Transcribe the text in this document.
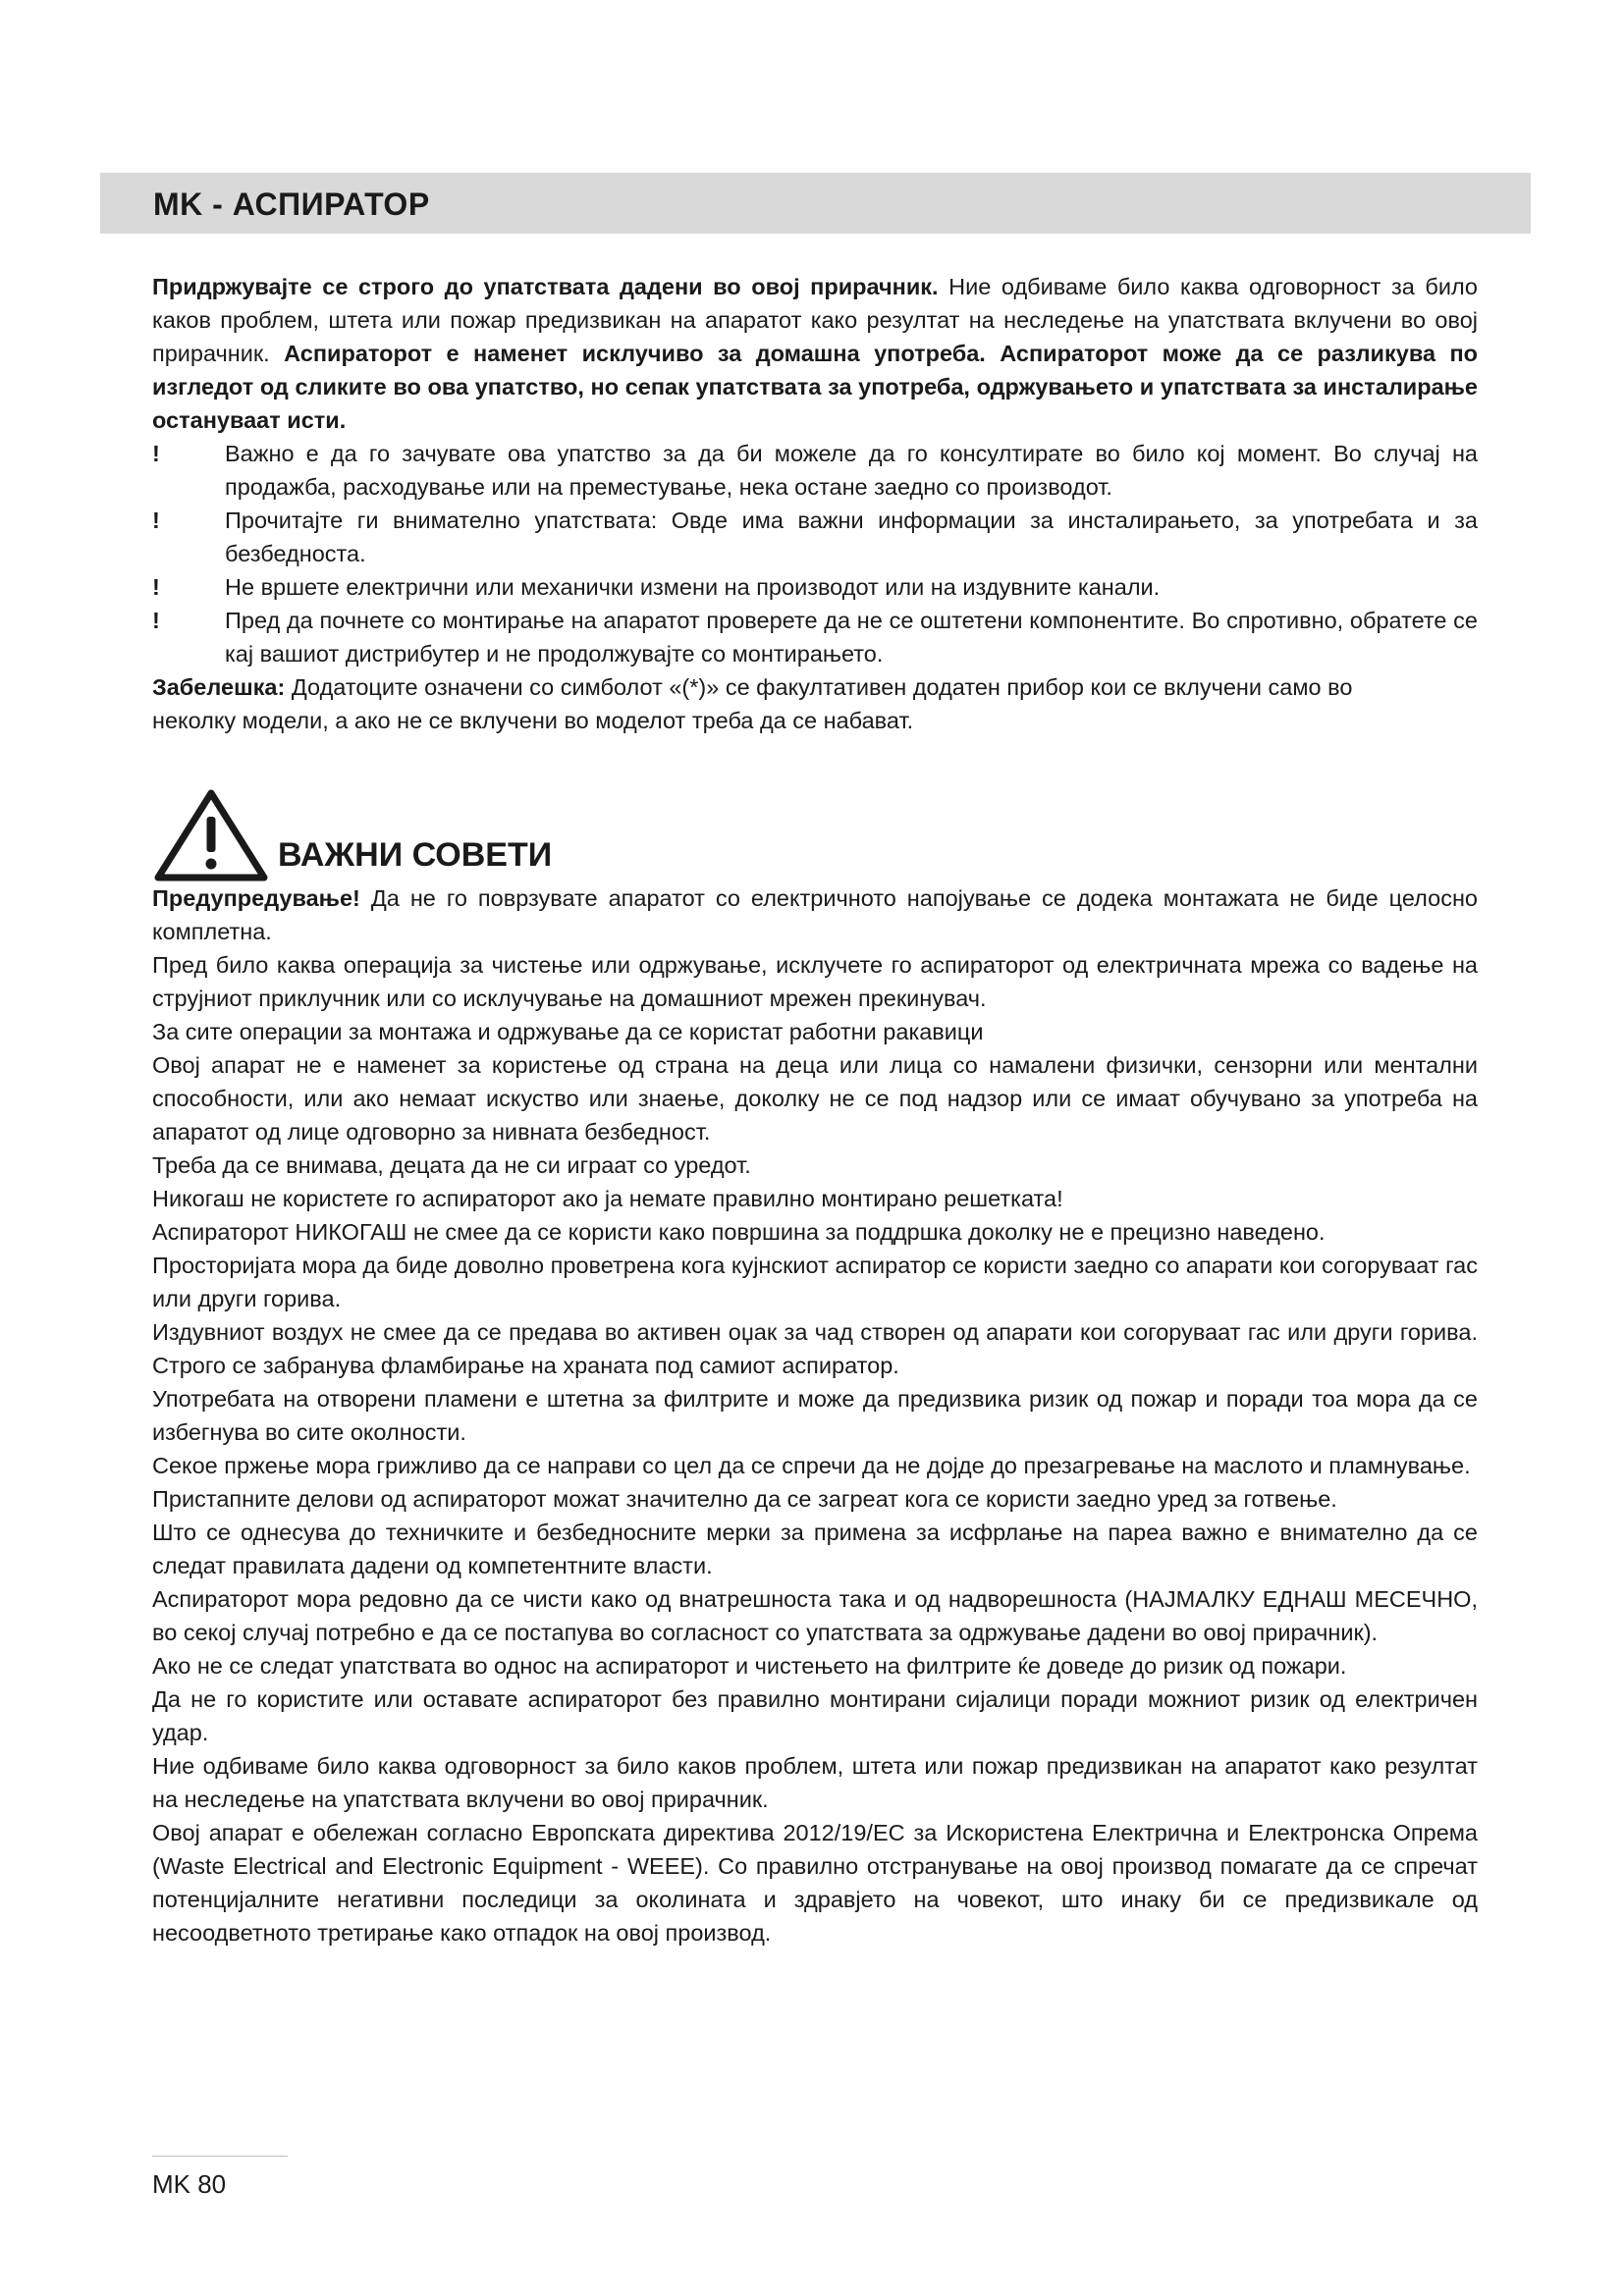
MK - АСПИРАТОР

Придржувајте се строго до упатствата дадени во овој прирачник. Ние одбиваме било каква одговорност за било каков проблем, штета или пожар предизвикан на апаратот како резултат на неследење на упатствата вклучени во овој прирачник. Аспираторот е наменет исклучиво за домашна употреба. Аспираторот може да се разликува по изгледот од сликите во ова упатство, но сепак упатствата за употреба, одржувањето и упатствата за инсталирање остануваат исти.

!	Важно е да го зачувате ова упатство за да би можеле да го консултирате во било кој момент. Во случај на продажба, расходување или на преместување, нека остане заедно со производот.
!	Прочитајте ги внимателно упатствата: Овде има важни информации за инсталирањето, за употребата и за безбедноста.
!	Не вршете електрични или механички измени на производот или на издувните канали.
!	Пред да почнете со монтирање на апаратот проверете да не се оштетени компонентите. Во спротивно, обратете се кај вашиот дистрибутер и не продолжувајте со монтирањето.

Забелешка: Додатоците означени со симболот «(*)» се факултативен додатен прибор кои се вклучени само во

неколку модели, а ако не се вклучени во моделот треба да се набават.

ВАЖНИ СОВЕТИ

Предупредување! Да не го поврзувате апаратот со електричното напојување се додека монтажата не биде целосно комплетна.

Пред било каква операција за чистење или одржување, исклучете го аспираторот од електричната мрежа со вадење на струјниот приклучник или со исклучување на домашниот мрежен прекинувач.

За сите операции за монтажа и одржување да се користат работни ракавици

Овој апарат не е наменет за користење од страна на деца или лица со намалени физички, сензорни или ментални способности, или ако немаат искуство или знаење, доколку не се под надзор или се имаат обучувано за употреба на апаратот од лице одговорно за нивната безбедност.

Треба да се внимава, децата да не си играат со уредот.

Никогаш не користете го аспираторот ако ја немате правилно монтирано решетката!

Аспираторот НИКОГАШ не смее да се користи како површина за поддршка доколку не е прецизно наведено.

Просторијата мора да биде доволно проветрена кога кујнскиот аспиратор се користи заедно со апарати кои согоруваат гас или други горива.

Издувниот воздух не смее да се предава во активен оџак за чад створен од апарати кои согоруваат гас или други горива. Строго се забранува фламбирање на храната под самиот аспиратор.

Употребата на отворени пламени е штетна за филтрите и може да предизвика ризик од пожар и поради тоа мора да се избегнува во сите околности.

Секое пржење мора грижливо да се направи со цел да се спречи да не дојде до презагревање на маслото и пламнување.

Пристапните делови од аспираторот можат значително да се загреат кога се користи заедно уред за готвење.

Што се однесува до техничките и безбедносните мерки за примена за исфрлање на пареа важно е внимателно да се следат правилата дадени од компетентните власти.

Аспираторот мора редовно да се чисти како од внатрешноста така и од надворешноста (НАЈМАЛКУ ЕДНАШ МЕСЕЧНО, во секој случај потребно е да се постапува во согласност со упатствата за одржување дадени во овој прирачник).

Ако не се следат упатствата во однос на аспираторот и чистењето на филтрите ќе доведе до ризик од пожари.

Да не го користите или оставате аспираторот без правилно монтирани сијалици поради можниот ризик од електричен удар.

Ние одбиваме било каква одговорност за било каков проблем, штета или пожар предизвикан на апаратот како резултат на неследење на упатствата вклучени во овој прирачник.

Овој апарат е обележан согласно Европската директива 2012/19/EC за Искористена Електрична и Електронска Опрема (Waste Electrical and Electronic Equipment - WEEE). Со правилно отстранување на овој производ помагате да се спречат потенцијалните негативни последици за околината и здравјето на човекот, што инаку би се предизвикале од несоодветното третирање како отпадок на овој производ.

MK 80
